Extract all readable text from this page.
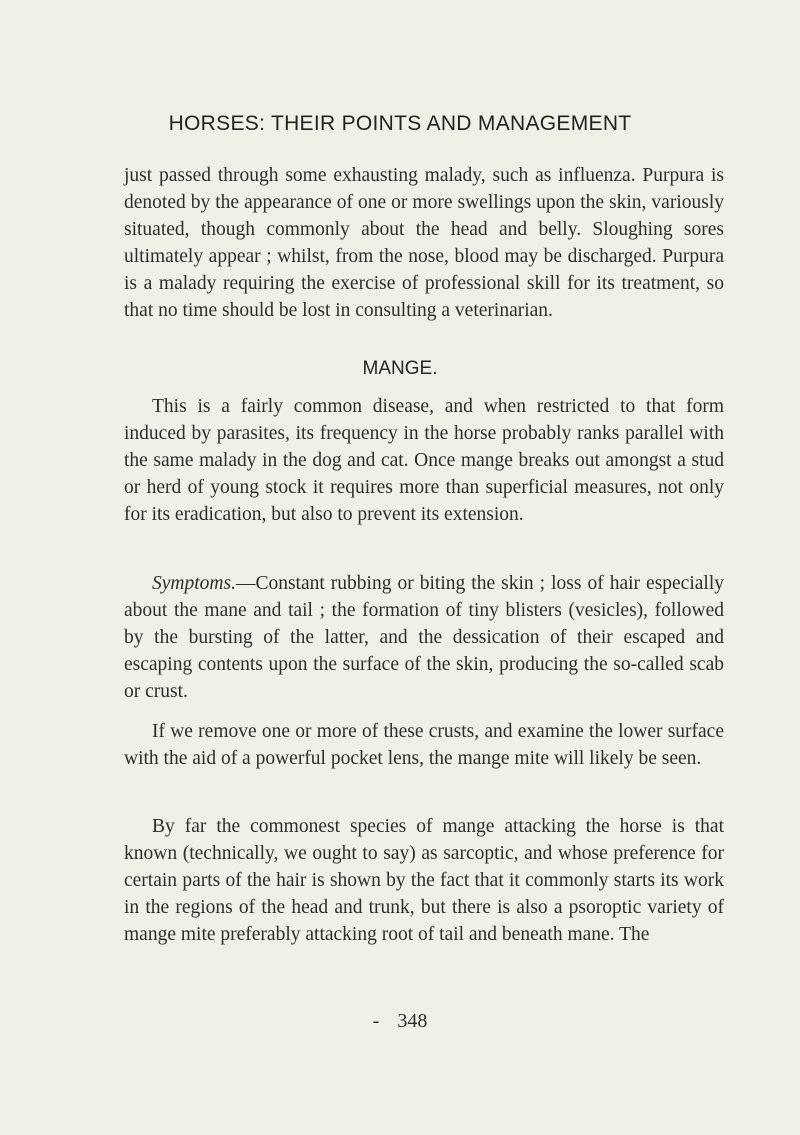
HORSES: THEIR POINTS AND MANAGEMENT

just passed through some exhausting malady, such as influenza. Purpura is denoted by the appearance of one or more swellings upon the skin, variously situated, though commonly about the head and belly. Sloughing sores ultimately appear ; whilst, from the nose, blood may be discharged. Purpura is a malady requiring the exercise of professional skill for its treatment, so that no time should be lost in consulting a veterinarian.

MANGE.

This is a fairly common disease, and when restricted to that form induced by parasites, its frequency in the horse probably ranks parallel with the same malady in the dog and cat. Once mange breaks out amongst a stud or herd of young stock it requires more than superficial measures, not only for its eradication, but also to prevent its extension.

Symptoms.—Constant rubbing or biting the skin ; loss of hair especially about the mane and tail ; the formation of tiny blisters (vesicles), followed by the bursting of the latter, and the dessication of their escaped and escaping contents upon the surface of the skin, producing the so-called scab or crust.

If we remove one or more of these crusts, and examine the lower surface with the aid of a powerful pocket lens, the mange mite will likely be seen.

By far the commonest species of mange attacking the horse is that known (technically, we ought to say) as sarcoptic, and whose preference for certain parts of the hair is shown by the fact that it commonly starts its work in the regions of the head and trunk, but there is also a psoroptic variety of mange mite preferably attacking root of tail and beneath mane. The

- 348
